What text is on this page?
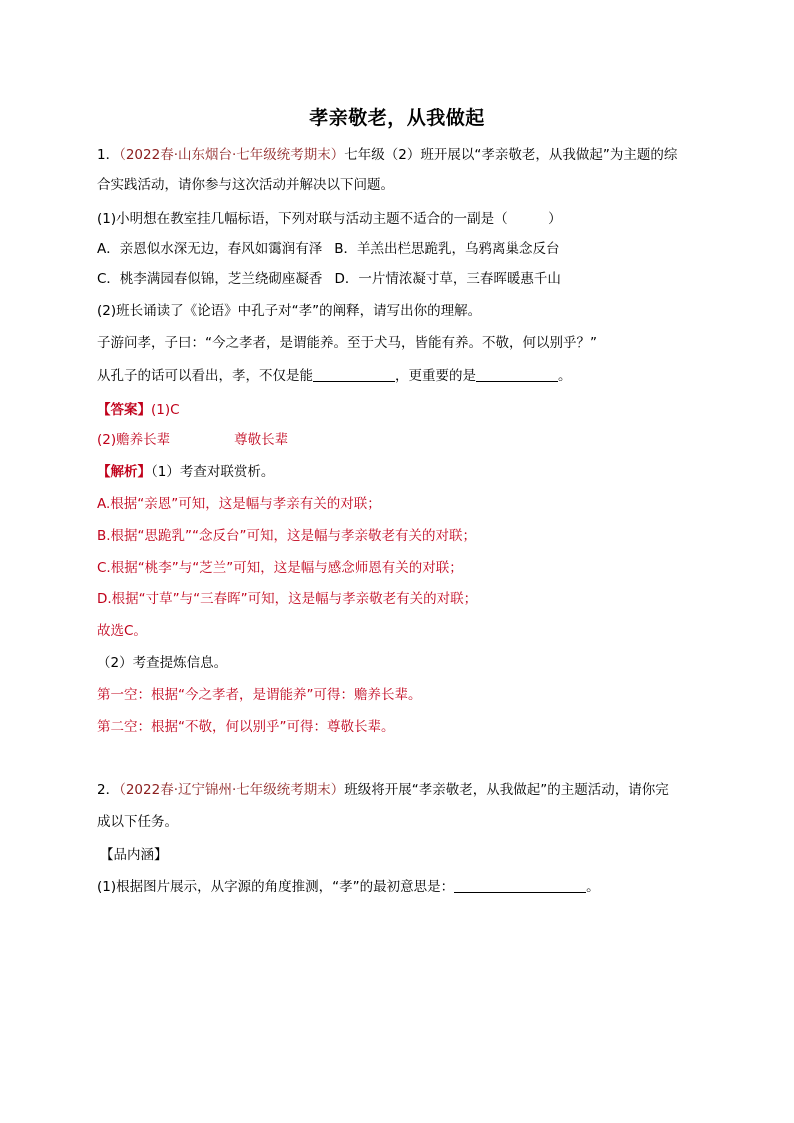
孝亲敬老，从我做起
1．（2022春·山东烟台·七年级统考期末）七年级（2）班开展以“孝亲敬老，从我做起”为主题的综
合实践活动，请你参与这次活动并解决以下问题。
(1)小明想在教室挂几幅标语，下列对联与活动主题不适合的一副是（　　　）
A．亲恩似水深无边，春风如霭润有泽 B．羊羔出栏思跪乳，乌鸦离巢念反台
C．桃李满园春似锦，芝兰绕砌座凝香 D．一片情浓凝寸草，三春晖暖惠千山
(2)班长诵读了《论语》中孔子对“孝”的阐释，请写出你的理解。
子游问孝，子曰：“今之孝者，是谓能养。至于犬马，皆能有养。不敬，何以别乎？”
从孔子的话可以看出，孝，不仅是能	，更重要的是	。
【答案】(1)C
(2)赡养长辈	尊敬长辈
【解析】（1）考查对联赏析。
A.根据“亲恩”可知，这是幅与孝亲有关的对联；
B.根据“思跪乳”“念反台”可知，这是幅与孝亲敬老有关的对联；
C.根据“桃李”与“芝兰”可知，这是幅与感念师恩有关的对联；
D.根据“寸草”与“三春晖”可知，这是幅与孝亲敬老有关的对联；
故选C。
（2）考查提炼信息。
第一空：根据“今之孝者，是谓能养”可得：赡养长辈。
第二空：根据“不敬，何以别乎”可得：尊敬长辈。
2．（2022春·辽宁锦州·七年级统考期末）班级将开展“孝亲敬老，从我做起”的主题活动，请你完
成以下任务。
【品内涵】
(1)根据图片展示，从字源的角度推测，“孝”的最初意思是：	。
